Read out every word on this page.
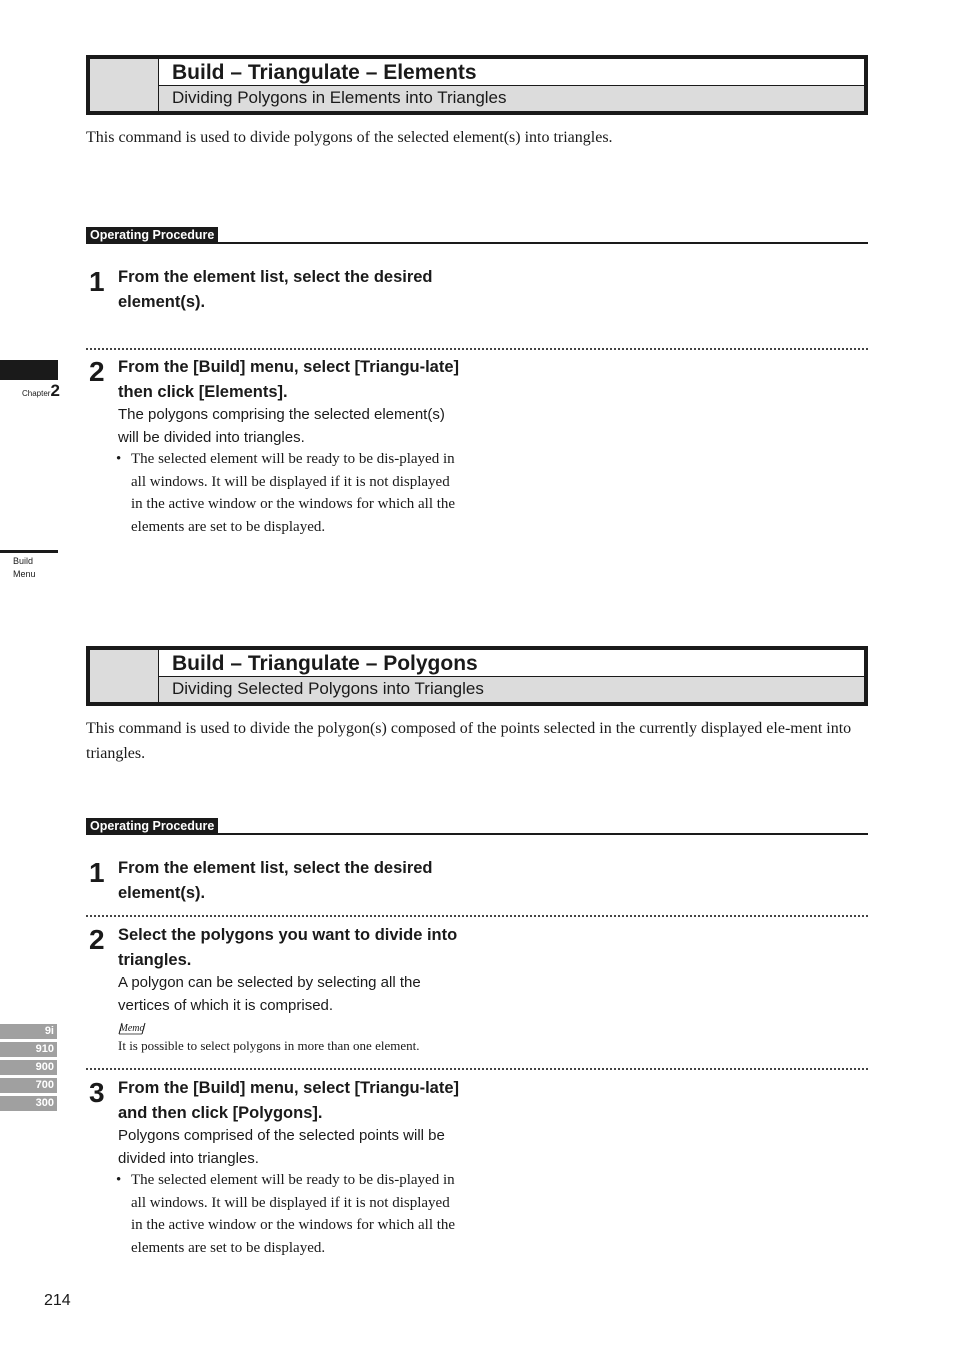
Chapter2
Build
Menu
9i
910
900
700
300
Build – Triangulate – Elements
Dividing Polygons in Elements into Triangles
This command is used to divide polygons of the selected element(s) into triangles.
Operating Procedure
1 From the element list, select the desired element(s).
2 From the [Build] menu, select [Triangu-late] then click [Elements].
The polygons comprising the selected element(s) will be divided into triangles.
• The selected element will be ready to be dis-played in all windows. It will be displayed if it is not displayed in the active window or the windows for which all the elements are set to be displayed.
Build – Triangulate – Polygons
Dividing Selected Polygons into Triangles
This command is used to divide the polygon(s) composed of the points selected in the currently displayed ele-ment into triangles.
Operating Procedure
1 From the element list, select the desired element(s).
2 Select the polygons you want to divide into triangles.
A polygon can be selected by selecting all the vertices of which it is comprised.
Memo
It is possible to select polygons in more than one element.
3 From the [Build] menu, select [Triangu-late] and then click [Polygons].
Polygons comprised of the selected points will be divided into triangles.
• The selected element will be ready to be dis-played in all windows. It will be displayed if it is not displayed in the active window or the windows for which all the elements are set to be displayed.
214
